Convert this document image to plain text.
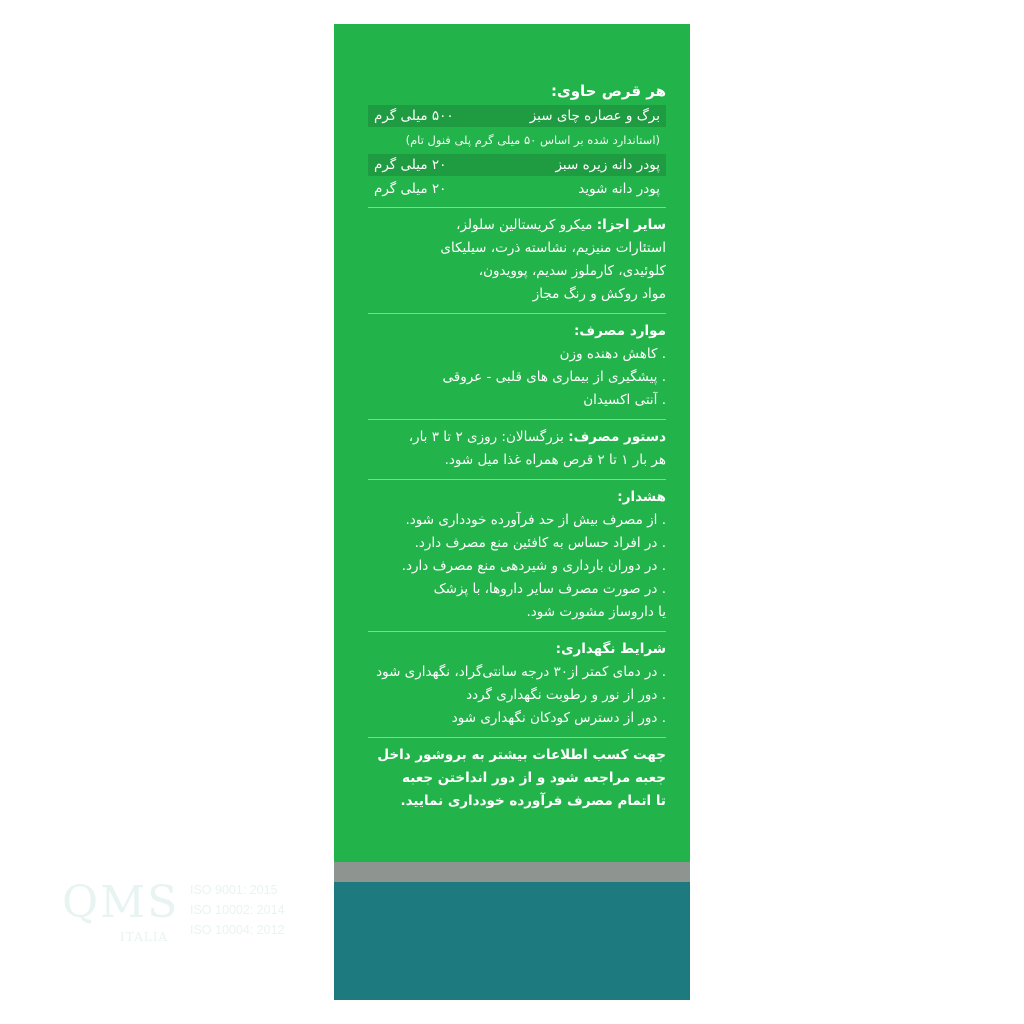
هر قرص حاوی:
برگ و عصاره چای سبز
۵۰۰ میلی گرم
(استاندارد شده بر اساس ۵۰ میلی گرم پلی فنول تام)
پودر دانه زیره سبز
۲۰ میلی گرم
پودر دانه شوید
۲۰ میلی گرم
سایر اجزا: میکرو کریستالین سلولز،
استئارات منیزیم، نشاسته ذرت، سیلیکای
کلوئیدی، کارملوز سدیم، پوویدون،
مواد روکش و رنگ مجاز
موارد مصرف:
. کاهش دهنده وزن
. پیشگیری از بیماری های قلبی - عروقی
. آنتی اکسیدان
دستور مصرف: بزرگسالان: روزی ۲ تا ۳ بار،
هر بار ۱ تا ۲ قرص همراه غذا میل شود.
هشدار:
. از مصرف بیش از حد فرآورده خودداری شود.
. در افراد حساس به کافئین منع مصرف دارد.
. در دوران بارداری و شیردهی منع مصرف دارد.
. در صورت مصرف سایر داروها، با پزشک
یا داروساز مشورت شود.
شرایط نگهداری:
. در دمای کمتر از۳۰ درجه سانتی‌گراد، نگهداری شود
. دور از نور و رطوبت نگهداری گردد
. دور از دسترس کودکان نگهداری شود
جهت کسب اطلاعات بیشتر به بروشور داخل
جعبه مراجعه شود و از دور انداختن جعبه
تا اتمام مصرف فرآورده خودداری نمایید.
QMS
ITALIA
ISO 9001: 2015
ISO 10002: 2014
ISO 10004: 2012
